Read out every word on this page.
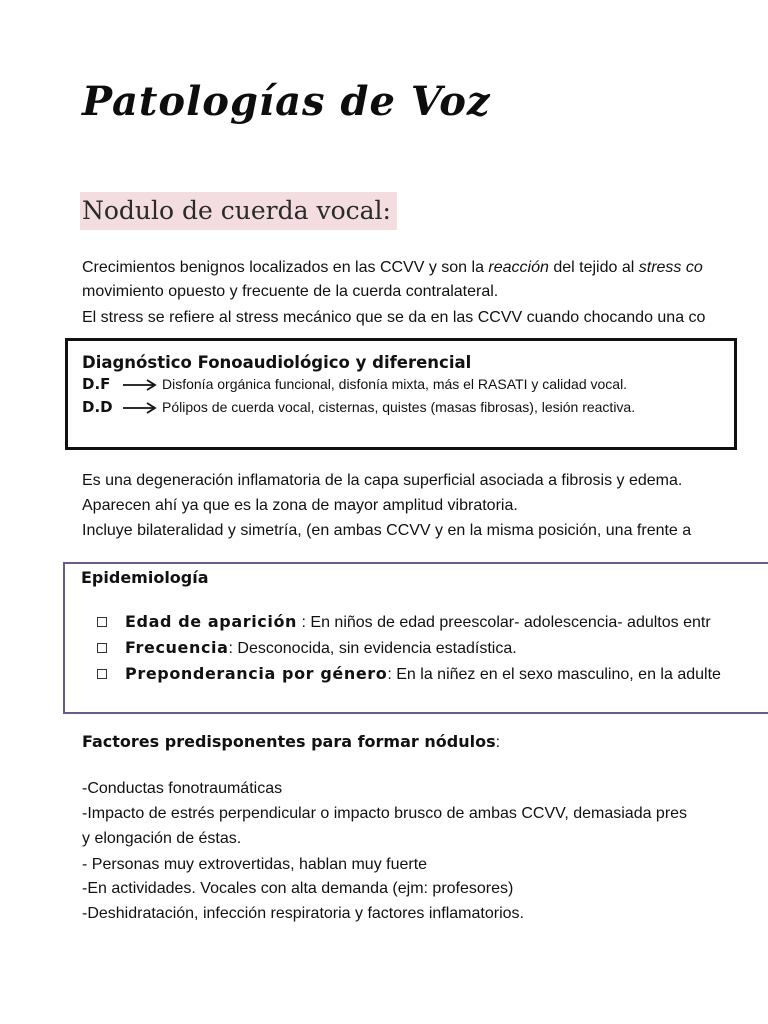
Patologías de Voz
Nodulo de cuerda vocal:
Crecimientos benignos localizados en las CCVV y son la reacción del tejido al stress co
movimiento opuesto y frecuente de la cuerda contralateral.
El stress se refiere al stress mecánico que se da en las CCVV cuando chocando una co
Diagnóstico Fonoaudiológico y diferencial
D.F	Disfonía orgánica funcional, disfonía mixta, más el RASATI y calidad vocal.
D.D	Pólipos de cuerda vocal, cisternas, quistes (masas fibrosas), lesión reactiva.
Es una degeneración inflamatoria de la capa superficial asociada a fibrosis y edema.
Aparecen ahí ya que es la zona de mayor amplitud vibratoria.
Incluye bilateralidad y simetría, (en ambas CCVV y en la misma posición, una frente a
Epidemiología
Edad de aparición : En niños de edad preescolar- adolescencia- adultos entr
Frecuencia: Desconocida, sin evidencia estadística.
Preponderancia por género: En la niñez en el sexo masculino, en la adulte
Factores predisponentes para formar nódulos:
-Conductas fonotraumáticas
-Impacto de estrés perpendicular o impacto brusco de ambas CCVV, demasiada pres
y elongación de éstas.
- Personas muy extrovertidas, hablan muy fuerte
-En actividades. Vocales con alta demanda (ejm: profesores)
-Deshidratación, infección respiratoria y factores inflamatorios.
